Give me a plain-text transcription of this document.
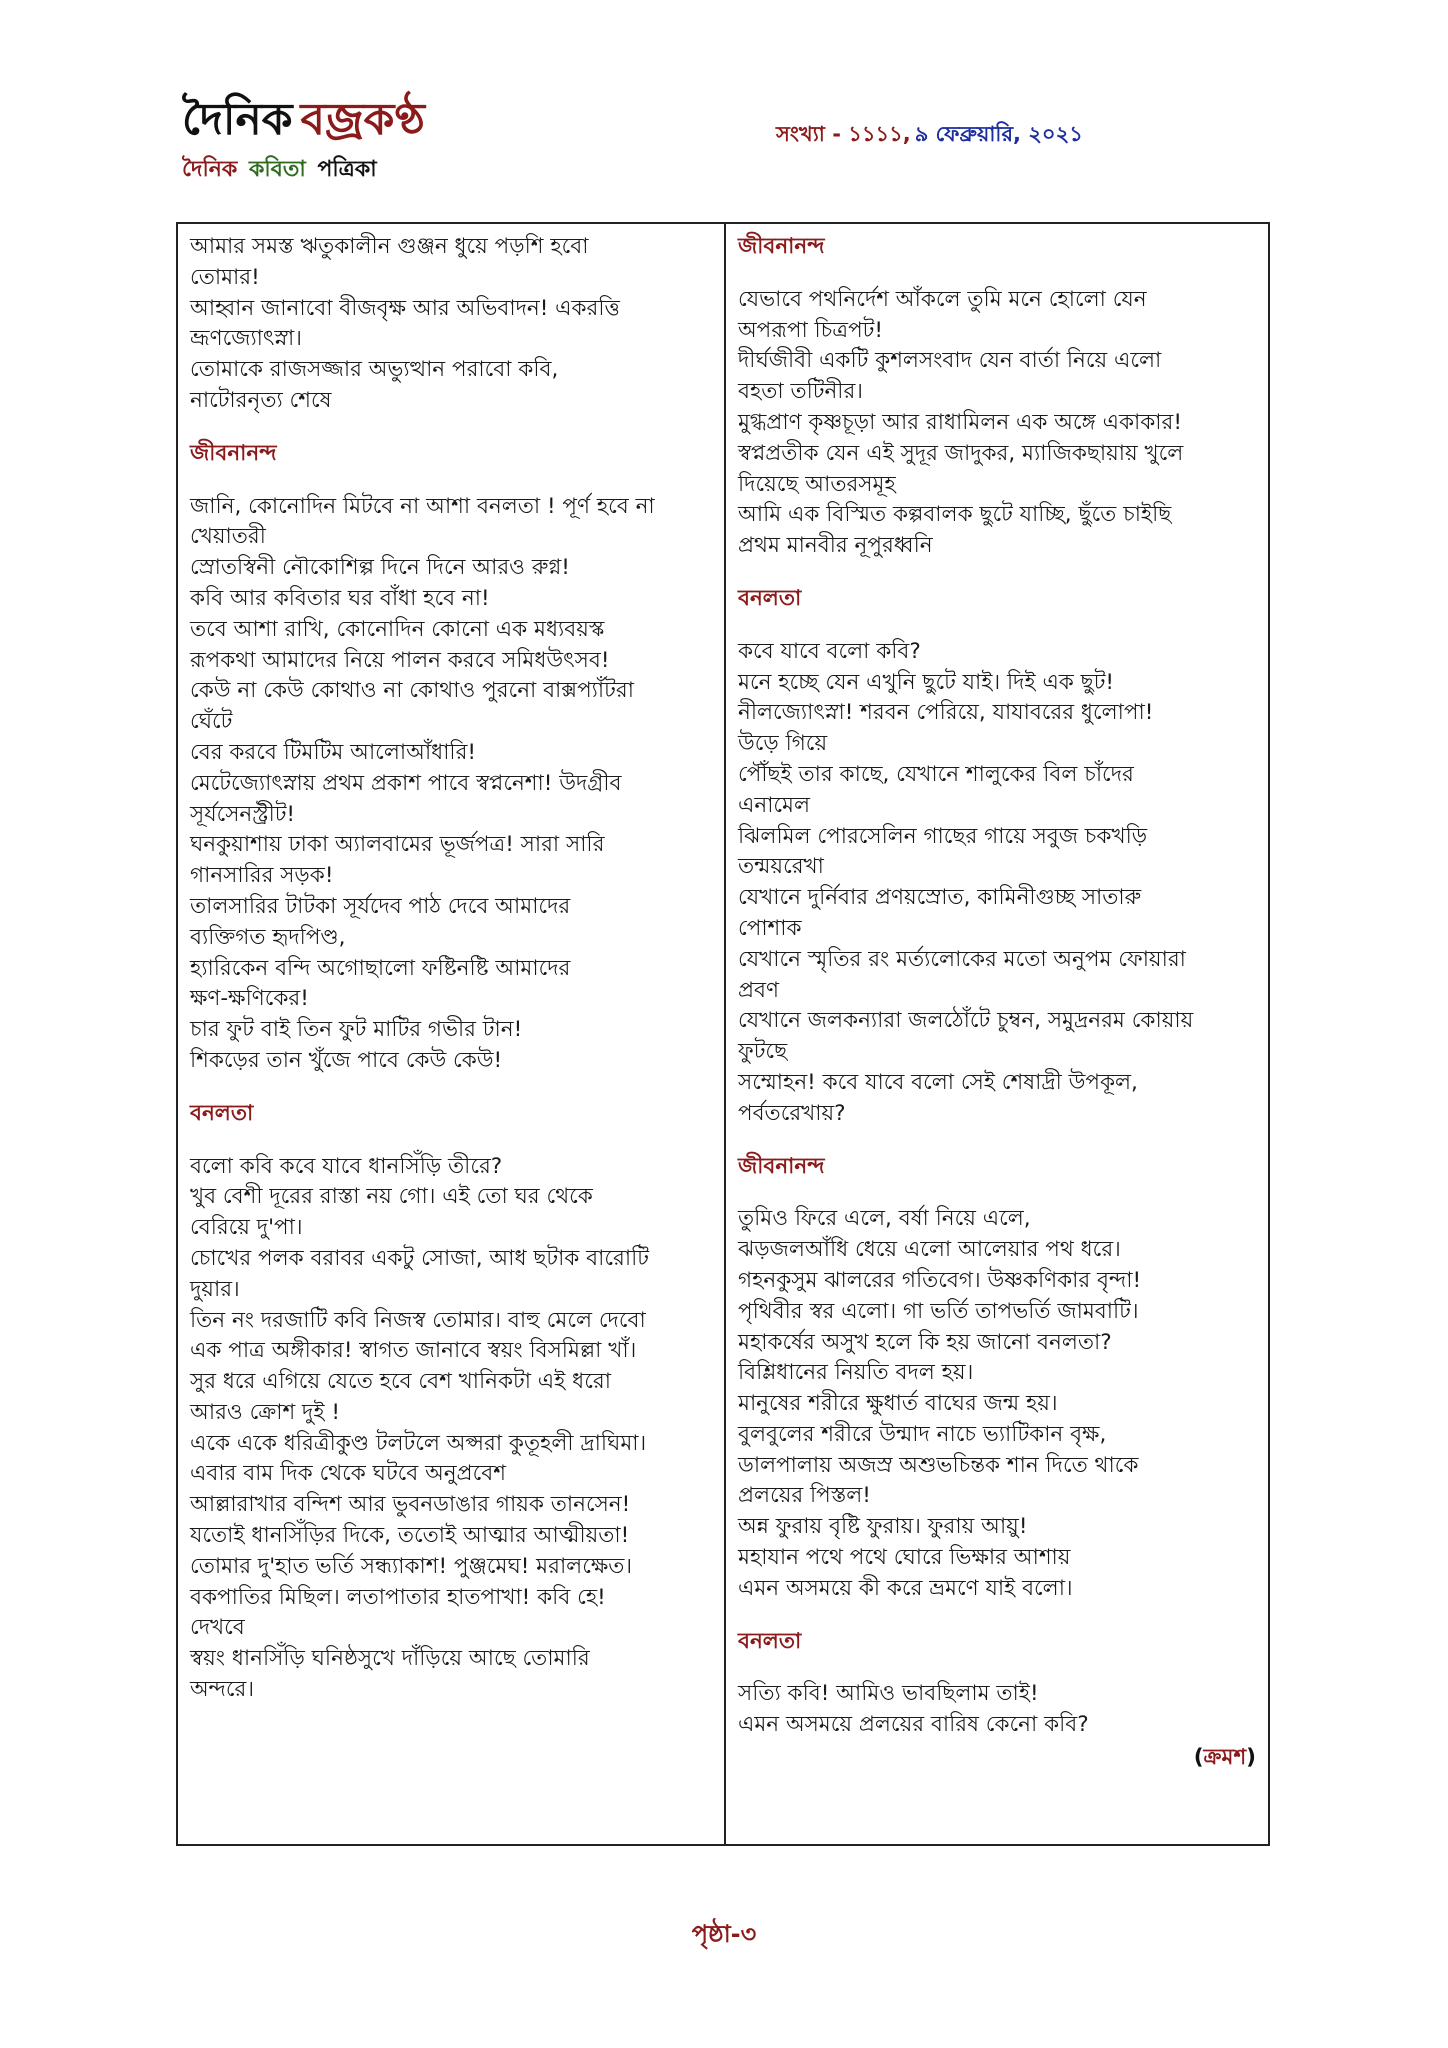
দৈনিক বজ্রকণ্ঠ
দৈনিক কবিতা পত্রিকা
সংখ্যা - ১১১১, ৯ ফেব্রুয়ারি, ২০২১
আমার সমস্ত ঋতুকালীন গুঞ্জন ধুয়ে পড়শি হবো
তোমার!
আহ্বান জানাবো বীজবৃক্ষ আর অভিবাদন! একরত্তি
ভ্রূণজ্যোৎস্না।
তোমাকে রাজসজ্জার অভ্যুত্থান পরাবো কবি,
নাটোরনৃত্য শেষে
জীবনানন্দ
জানি, কোনোদিন মিটবে না আশা বনলতা ! পূর্ণ হবে না
খেয়াতরী
স্রোতস্বিনী নৌকোশিল্প দিনে দিনে আরও রুগ্ন!
কবি আর কবিতার ঘর বাঁধা হবে না!
তবে আশা রাখি, কোনোদিন কোনো এক মধ্যবয়স্ক
রূপকথা আমাদের নিয়ে পালন করবে সমিধউৎসব!
কেউ না কেউ কোথাও না কোথাও পুরনো বাক্সপ্যাঁটরা
ঘেঁটে
বের করবে টিমটিম আলোআঁধারি!
মেটেজ্যোৎস্নায় প্রথম প্রকাশ পাবে স্বপ্ননেশা! উদগ্রীব
সূর্যসেনস্ট্রীট!
ঘনকুয়াশায় ঢাকা অ্যালবামের ভূর্জপত্র! সারা সারি
গানসারির সড়ক!
তালসারির টাটকা সূর্যদেব পাঠ দেবে আমাদের
ব্যক্তিগত হৃদপিণ্ড,
হ্যারিকেন বন্দি অগোছালো ফষ্টিনষ্টি আমাদের
ক্ষণ-ক্ষণিকের!
চার ফুট বাই তিন ফুট মাটির গভীর টান!
শিকড়ের তান খুঁজে পাবে কেউ কেউ!
বনলতা
বলো কবি কবে যাবে ধানসিঁড়ি তীরে?
খুব বেশী দূরের রাস্তা নয় গো। এই তো ঘর থেকে
বেরিয়ে দু'পা।
চোখের পলক বরাবর একটু সোজা, আধ ছটাক বারোটি
দুয়ার।
তিন নং দরজাটি কবি নিজস্ব তোমার। বাহু মেলে দেবো
এক পাত্র অঙ্গীকার! স্বাগত জানাবে স্বয়ং বিসমিল্লা খাঁ।
সুর ধরে এগিয়ে যেতে হবে বেশ খানিকটা এই ধরো
আরও ক্রোশ দুই !
একে একে ধরিত্রীকুণ্ড টলটলে অপ্সরা কুতূহলী দ্রাঘিমা।
এবার বাম দিক থেকে ঘটবে অনুপ্রবেশ
আল্লারাখার বন্দিশ আর ভুবনডাঙার গায়ক তানসেন!
যতোই ধানসিঁড়ির দিকে, ততোই আত্মার আত্মীয়তা!
তোমার দু'হাত ভর্তি সন্ধ্যাকাশ! পুঞ্জমেঘ! মরালক্ষেত।
বকপাতির মিছিল। লতাপাতার হাতপাখা! কবি হে!
দেখবে
স্বয়ং ধানসিঁড়ি ঘনিষ্ঠসুখে দাঁড়িয়ে আছে তোমারি
অন্দরে।
জীবনানন্দ
যেভাবে পথনির্দেশ আঁকলে তুমি মনে হোলো যেন
অপরূপা চিত্রপট!
দীর্ঘজীবী একটি কুশলসংবাদ যেন বার্তা নিয়ে এলো
বহতা তটিনীর।
মুগ্ধপ্রাণ কৃষ্ণচূড়া আর রাধামিলন এক অঙ্গে একাকার!
স্বপ্নপ্রতীক যেন এই সুদূর জাদুকর, ম্যাজিকছায়ায় খুলে
দিয়েছে আতরসমূহ
আমি এক বিস্মিত কল্পবালক ছুটে যাচ্ছি, ছুঁতে চাইছি
প্রথম মানবীর নূপুরধ্বনি
বনলতা
কবে যাবে বলো কবি?
মনে হচ্ছে যেন এখুনি ছুটে যাই। দিই এক ছুট!
নীলজ্যোৎস্না! শরবন পেরিয়ে, যাযাবরের ধুলোপা!
উড়ে গিয়ে
পৌঁছই তার কাছে, যেখানে শালুকের বিল চাঁদের
এনামেল
ঝিলমিল পোরসেলিন গাছের গায়ে সবুজ চকখড়ি
তন্ময়রেখা
যেখানে দুর্নিবার প্রণয়স্রোত, কামিনীগুচ্ছ সাতারু
পোশাক
যেখানে স্মৃতির রং মর্ত্যলোকের মতো অনুপম ফোয়ারা
প্রবণ
যেখানে জলকন্যারা জলঠোঁটে চুম্বন, সমুদ্রনরম কোয়ায়
ফুটছে
সম্মোহন! কবে যাবে বলো সেই শেষাদ্রী উপকূল,
পর্বতরেখায়?
জীবনানন্দ
তুমিও ফিরে এলে, বর্ষা নিয়ে এলে,
ঝড়জলআঁধি ধেয়ে এলো আলেয়ার পথ ধরে।
গহনকুসুম ঝালরের গতিবেগ। উষ্ণকণিকার বৃন্দা!
পৃথিবীর স্বর এলো। গা ভর্তি তাপভর্তি জামবাটি।
মহাকর্ষের অসুখ হলে কি হয় জানো বনলতা?
বিশ্লিধানের নিয়তি বদল হয়।
মানুষের শরীরে ক্ষুধার্ত বাঘের জন্ম হয়।
বুলবুলের শরীরে উন্মাদ নাচে ভ্যাটিকান বৃক্ষ,
ডালপালায় অজস্র অশুভচিন্তক শান দিতে থাকে
প্রলয়ের পিস্তল!
অন্ন ফুরায় বৃষ্টি ফুরায়। ফুরায় আয়ু!
মহাযান পথে পথে ঘোরে ভিক্ষার আশায়
এমন অসময়ে কী করে ভ্রমণে যাই বলো।
বনলতা
সত্যি কবি! আমিও ভাবছিলাম তাই!
এমন অসময়ে প্রলয়ের বারিষ কেনো কবি?
(ক্রমশ)
পৃষ্ঠা-৩
